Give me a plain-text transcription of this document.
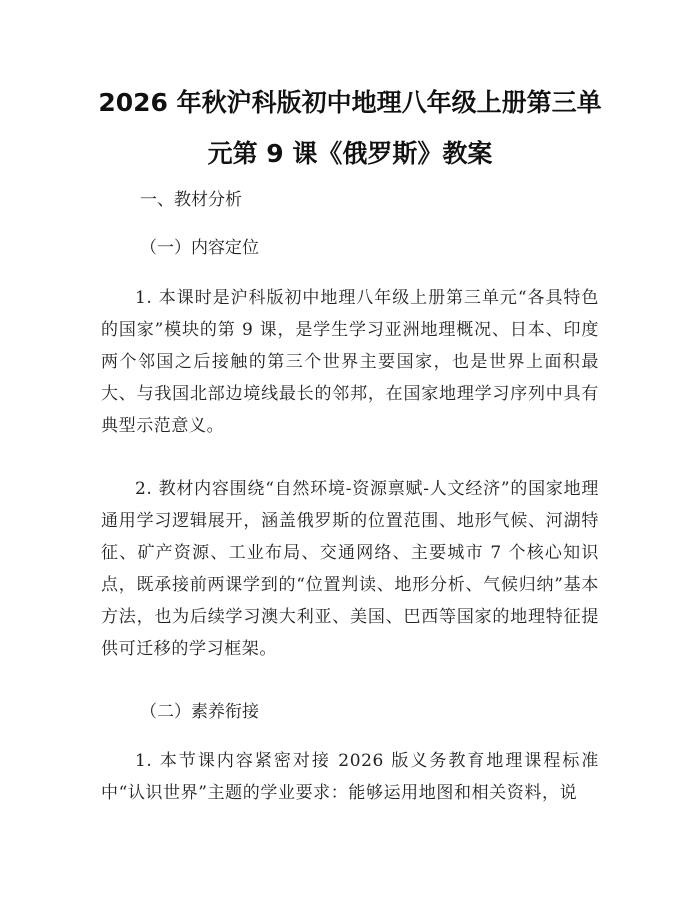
2026 年秋沪科版初中地理八年级上册第三单
元第 9 课《俄罗斯》教案
一、教材分析
（一）内容定位
1. 本课时是沪科版初中地理八年级上册第三单元“各具特色的国家”模块的第 9 课，是学生学习亚洲地理概况、日本、印度两个邻国之后接触的第三个世界主要国家，也是世界上面积最大、与我国北部边境线最长的邻邦，在国家地理学习序列中具有典型示范意义。
2. 教材内容围绕“自然环境-资源禀赋-人文经济”的国家地理通用学习逻辑展开，涵盖俄罗斯的位置范围、地形气候、河湖特征、矿产资源、工业布局、交通网络、主要城市 7 个核心知识点，既承接前两课学到的“位置判读、地形分析、气候归纳”基本方法，也为后续学习澳大利亚、美国、巴西等国家的地理特征提供可迁移的学习框架。
（二）素养衔接
1. 本节课内容紧密对接 2026 版义务教育地理课程标准中“认识世界”主题的学业要求：能够运用地图和相关资料，说
